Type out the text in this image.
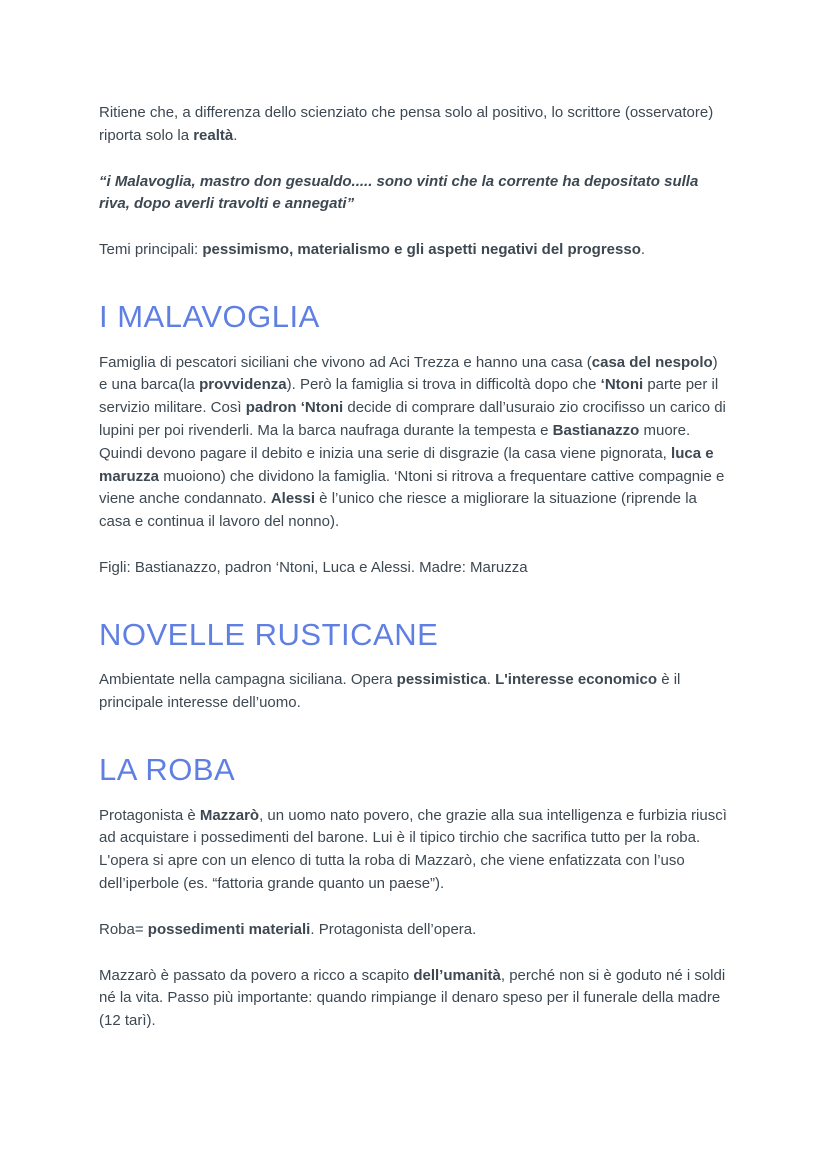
Ritiene che, a differenza dello scienziato che pensa solo al positivo, lo scrittore (osservatore) riporta solo la realtà.

“i Malavoglia, mastro don gesualdo..... sono vinti che la corrente ha depositato sulla riva, dopo averli travolti e annegati”

Temi principali: pessimismo, materialismo e gli aspetti negativi del progresso.

I MALAVOGLIA

Famiglia di pescatori siciliani che vivono ad Aci Trezza e hanno una casa (casa del nespolo) e una barca(la provvidenza). Però la famiglia si trova in difficoltà dopo che ‘Ntoni parte per il servizio militare. Così padron ‘Ntoni decide di comprare dall’usuraio zio crocifisso un carico di lupini per poi rivenderli. Ma la barca naufraga durante la tempesta e Bastianazzo muore. Quindi devono pagare il debito e inizia una serie di disgrazie (la casa viene pignorata, luca e maruzza muoiono) che dividono la famiglia. ‘Ntoni si ritrova a frequentare cattive compagnie e viene anche condannato. Alessi è l’unico che riesce a migliorare la situazione (riprende la casa e continua il lavoro del nonno).

Figli: Bastianazzo, padron ‘Ntoni, Luca e Alessi. Madre: Maruzza

NOVELLE RUSTICANE

Ambientate nella campagna siciliana. Opera pessimistica. L'interesse economico è il principale interesse dell’uomo.

LA ROBA

Protagonista è Mazzarò, un uomo nato povero, che grazie alla sua intelligenza e furbizia riuscì ad acquistare i possedimenti del barone. Lui è il tipico tirchio che sacrifica tutto per la roba. L'opera si apre con un elenco di tutta la roba di Mazzarò, che viene enfatizzata con l’uso dell’iperbole (es. “fattoria grande quanto un paese”).

Roba= possedimenti materiali. Protagonista dell’opera.

Mazzarò è passato da povero a ricco a scapito dell’umanità, perché non si è goduto né i soldi né la vita. Passo più importante: quando rimpiange il denaro speso per il funerale della madre (12 tarì).
